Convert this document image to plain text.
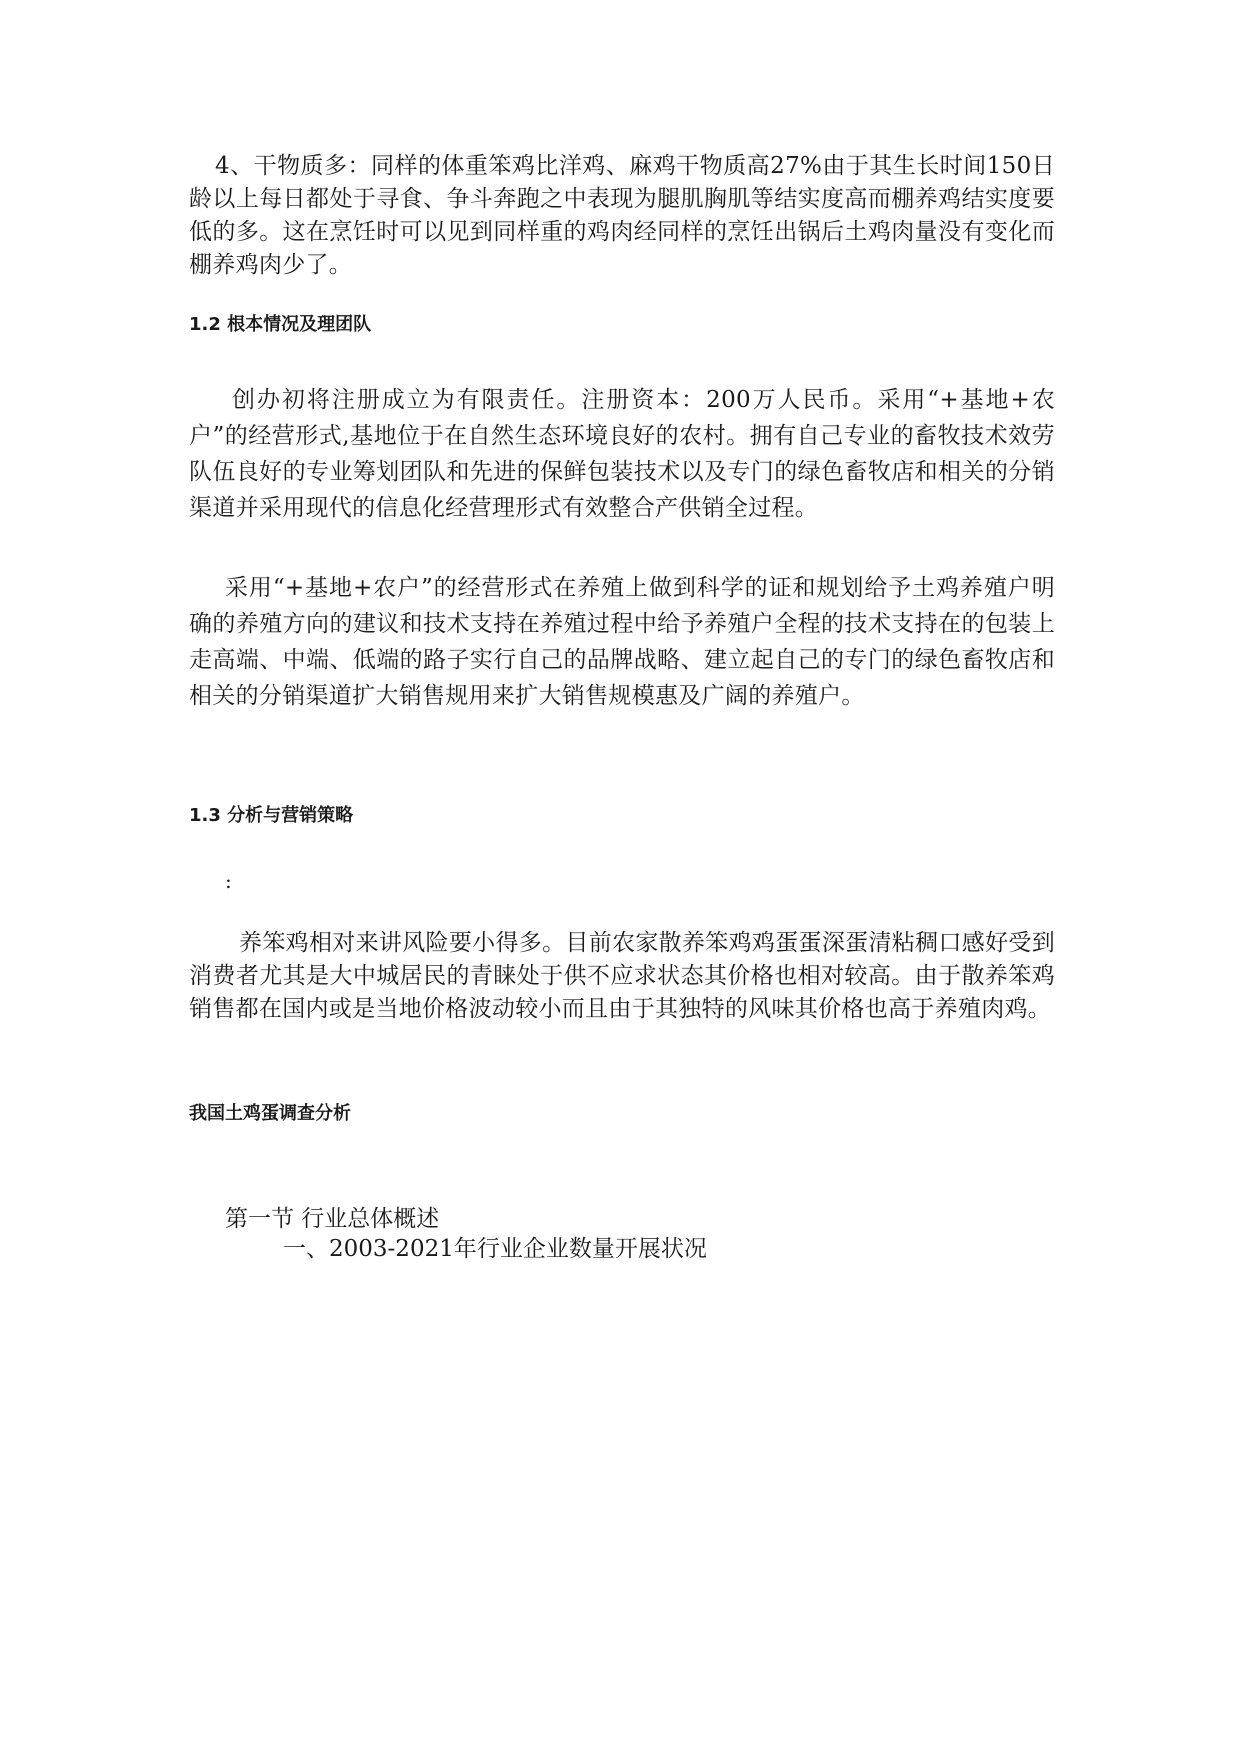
4、干物质多：同样的体重笨鸡比洋鸡、麻鸡干物质高27%由于其生长时间150日龄以上每日都处于寻食、争斗奔跑之中表现为腿肌胸肌等结实度高而棚养鸡结实度要低的多。这在烹饪时可以见到同样重的鸡肉经同样的烹饪出锅后土鸡肉量没有变化而棚养鸡肉少了。

1.2 根本情况及理团队

创办初将注册成立为有限责任。注册资本：200万人民币。采用“+基地+农户”的经营形式,基地位于在自然生态环境良好的农村。拥有自己专业的畜牧技术效劳队伍良好的专业筹划团队和先进的保鲜包装技术以及专门的绿色畜牧店和相关的分销渠道并采用现代的信息化经营理形式有效整合产供销全过程。

采用“+基地+农户”的经营形式在养殖上做到科学的证和规划给予土鸡养殖户明确的养殖方向的建议和技术支持在养殖过程中给予养殖户全程的技术支持在的包装上走高端、中端、低端的路子实行自己的品牌战略、建立起自己的专门的绿色畜牧店和相关的分销渠道扩大销售规用来扩大销售规模惠及广阔的养殖户。

1.3 分析与营销策略
:

养笨鸡相对来讲风险要小得多。目前农家散养笨鸡鸡蛋蛋深蛋清粘稠口感好受到消费者尤其是大中城居民的青睐处于供不应求状态其价格也相对较高。由于散养笨鸡销售都在国内或是当地价格波动较小而且由于其独特的风味其价格也高于养殖肉鸡。

我国土鸡蛋调查分析

第一节 行业总体概述

一、2003-2021年行业企业数量开展状况
